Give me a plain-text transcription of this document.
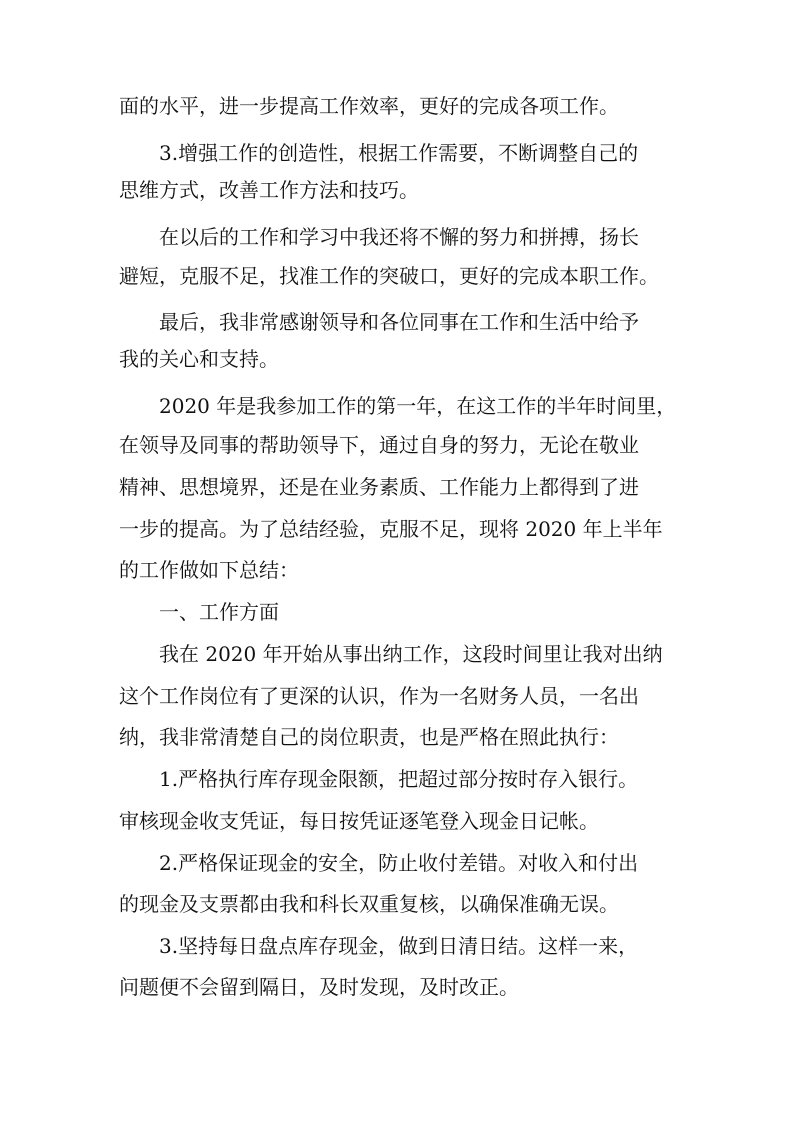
面的水平，进一步提高工作效率，更好的完成各项工作。
3.增强工作的创造性，根据工作需要，不断调整自己的
思维方式，改善工作方法和技巧。
在以后的工作和学习中我还将不懈的努力和拼搏，扬长
避短，克服不足，找准工作的突破口，更好的完成本职工作。
最后，我非常感谢领导和各位同事在工作和生活中给予
我的关心和支持。
2020 年是我参加工作的第一年，在这工作的半年时间里，
在领导及同事的帮助领导下，通过自身的努力，无论在敬业
精神、思想境界，还是在业务素质、工作能力上都得到了进
一步的提高。为了总结经验，克服不足，现将 2020 年上半年
的工作做如下总结：
一、工作方面
我在 2020 年开始从事出纳工作，这段时间里让我对出纳
这个工作岗位有了更深的认识，作为一名财务人员，一名出
纳，我非常清楚自己的岗位职责，也是严格在照此执行：
1.严格执行库存现金限额，把超过部分按时存入银行。
审核现金收支凭证，每日按凭证逐笔登入现金日记帐。
2.严格保证现金的安全，防止收付差错。对收入和付出
的现金及支票都由我和科长双重复核，以确保准确无误。
3.坚持每日盘点库存现金，做到日清日结。这样一来，
问题便不会留到隔日，及时发现，及时改正。
